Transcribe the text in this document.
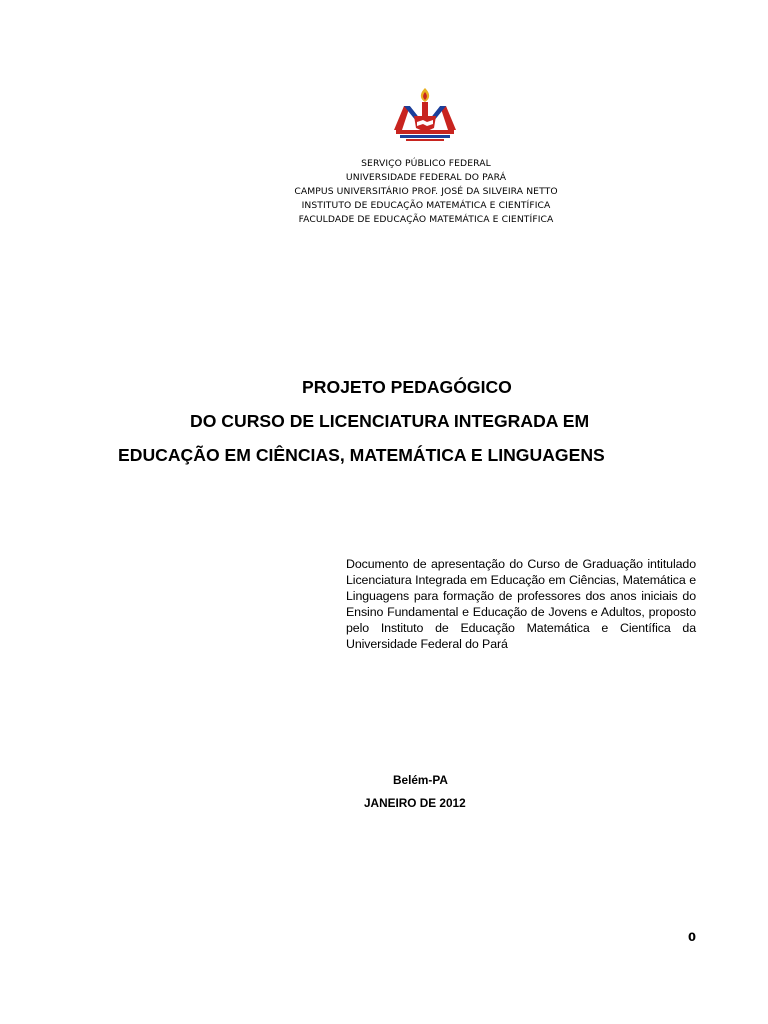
SERVIÇO PÚBLICO FEDERAL
UNIVERSIDADE FEDERAL DO PARÁ
CAMPUS UNIVERSITÁRIO PROF. JOSÉ DA SILVEIRA NETTO
INSTITUTO DE EDUCAÇÃO MATEMÁTICA E CIENTÍFICA
FACULDADE DE EDUCAÇÃO MATEMÁTICA E CIENTÍFICA
PROJETO PEDAGÓGICO
DO CURSO DE LICENCIATURA INTEGRADA EM
EDUCAÇÃO EM CIÊNCIAS, MATEMÁTICA E LINGUAGENS
Documento de apresentação do Curso de Graduação intitulado Licenciatura Integrada em Educação em Ciências, Matemática e Linguagens para formação de professores dos anos iniciais do Ensino Fundamental e Educação de Jovens e Adultos, proposto pelo Instituto de Educação Matemática e Científica da Universidade Federal do Pará
Belém-PA
JANEIRO DE 2012
0
